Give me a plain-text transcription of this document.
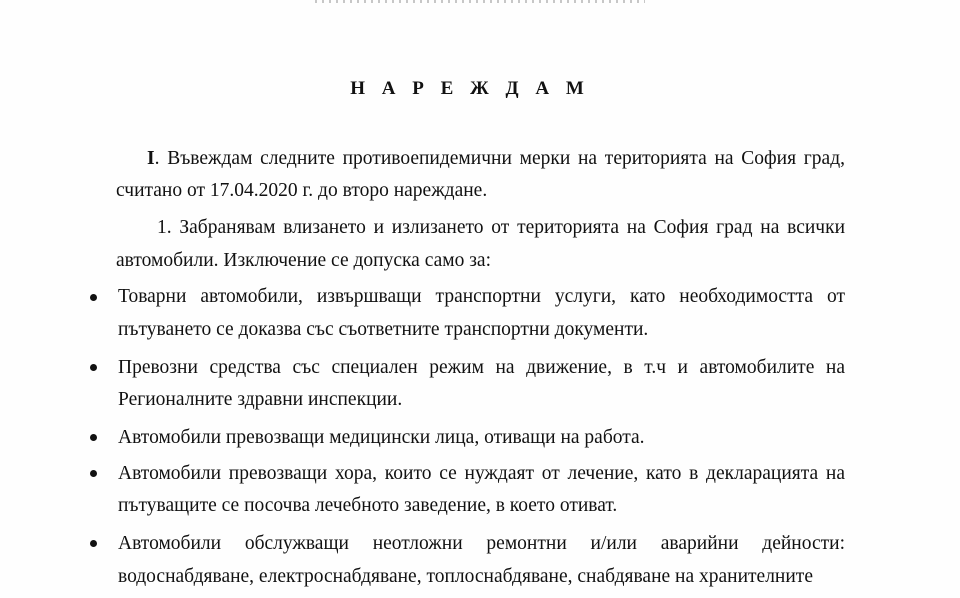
Н А Р Е Ж Д А М
I. Въвеждам следните противоепидемични мерки на територията на София град,
считано от 17.04.2020 г. до второ нареждане.
1. Забранявам влизането и излизането от територията на София град на всички
автомобили. Изключение се допуска само за:
Товарни автомобили, извършващи транспортни услуги, като необходимостта от
пътуването се доказва със съответните транспортни документи.
Превозни средства със специален режим на движение, в т.ч и автомобилите на
Регионалните здравни инспекции.
Автомобили превозващи медицински лица, отиващи на работа.
Автомобили превозващи хора, които се нуждаят от лечение, като в декларацията на
пътуващите се посочва лечебното заведение, в което отиват.
Автомобили обслужващи неотложни ремонтни и/или аварийни дейности:
водоснабдяване, електроснабдяване, топлоснабдяване, снабдяване на хранителните
